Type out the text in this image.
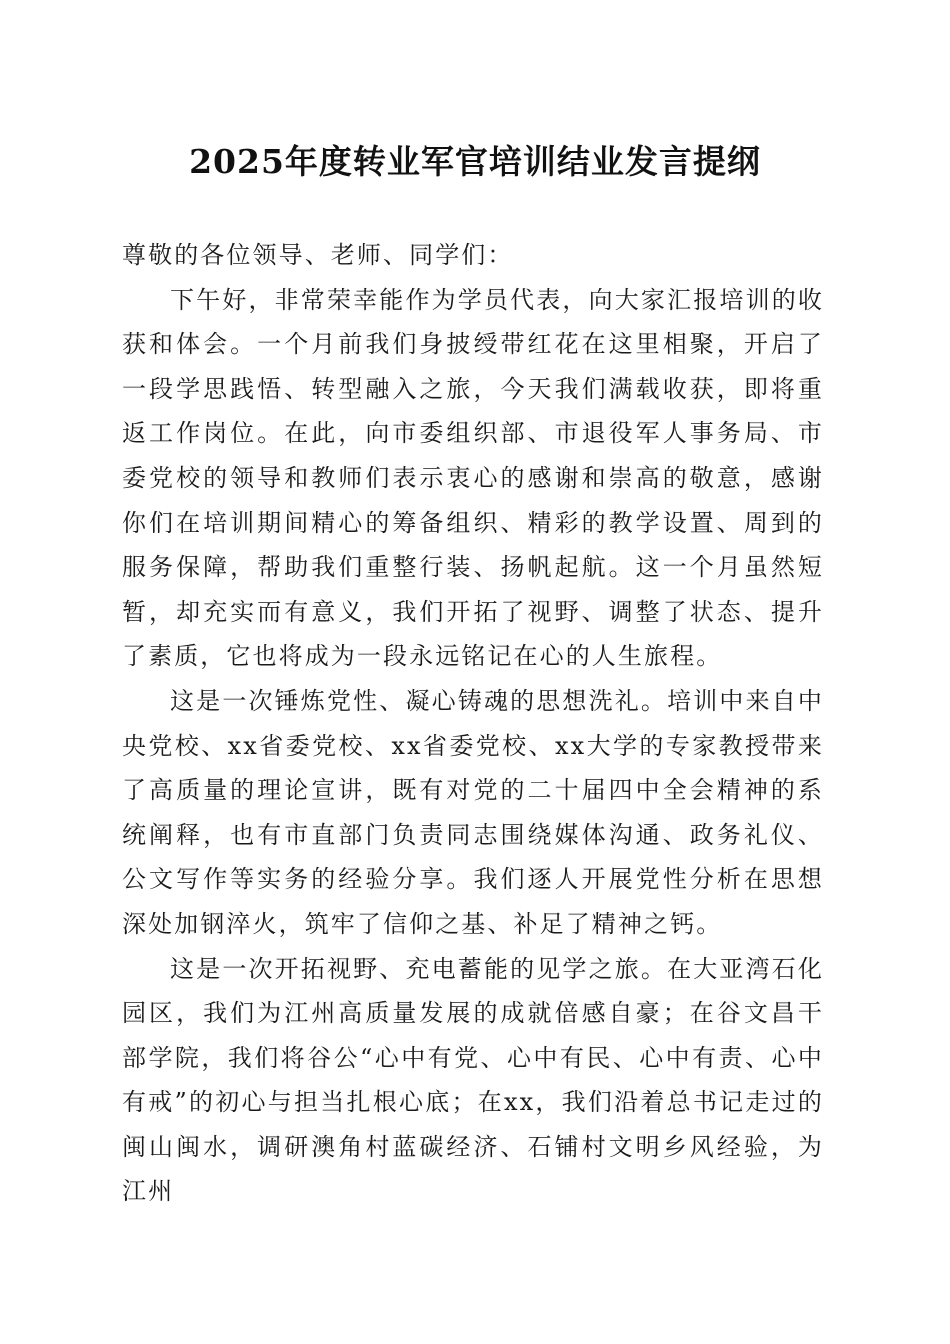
2025年度转业军官培训结业发言提纲

尊敬的各位领导、老师、同学们：

下午好，非常荣幸能作为学员代表，向大家汇报培训的收获和体会。一个月前我们身披绶带红花在这里相聚，开启了一段学思践悟、转型融入之旅，今天我们满载收获，即将重返工作岗位。在此，向市委组织部、市退役军人事务局、市委党校的领导和教师们表示衷心的感谢和崇高的敬意，感谢你们在培训期间精心的筹备组织、精彩的教学设置、周到的服务保障，帮助我们重整行装、扬帆起航。这一个月虽然短暂，却充实而有意义，我们开拓了视野、调整了状态、提升了素质，它也将成为一段永远铭记在心的人生旅程。

这是一次锤炼党性、凝心铸魂的思想洗礼。培训中来自中央党校、xx省委党校、xx省委党校、xx大学的专家教授带来了高质量的理论宣讲，既有对党的二十届四中全会精神的系统阐释，也有市直部门负责同志围绕媒体沟通、政务礼仪、公文写作等实务的经验分享。我们逐人开展党性分析在思想深处加钢淬火，筑牢了信仰之基、补足了精神之钙。

这是一次开拓视野、充电蓄能的见学之旅。在大亚湾石化园区，我们为江州高质量发展的成就倍感自豪；在谷文昌干部学院，我们将谷公“心中有党、心中有民、心中有责、心中有戒”的初心与担当扎根心底；在xx，我们沿着总书记走过的闽山闽水，调研澳角村蓝碳经济、石铺村文明乡风经验，为江州
